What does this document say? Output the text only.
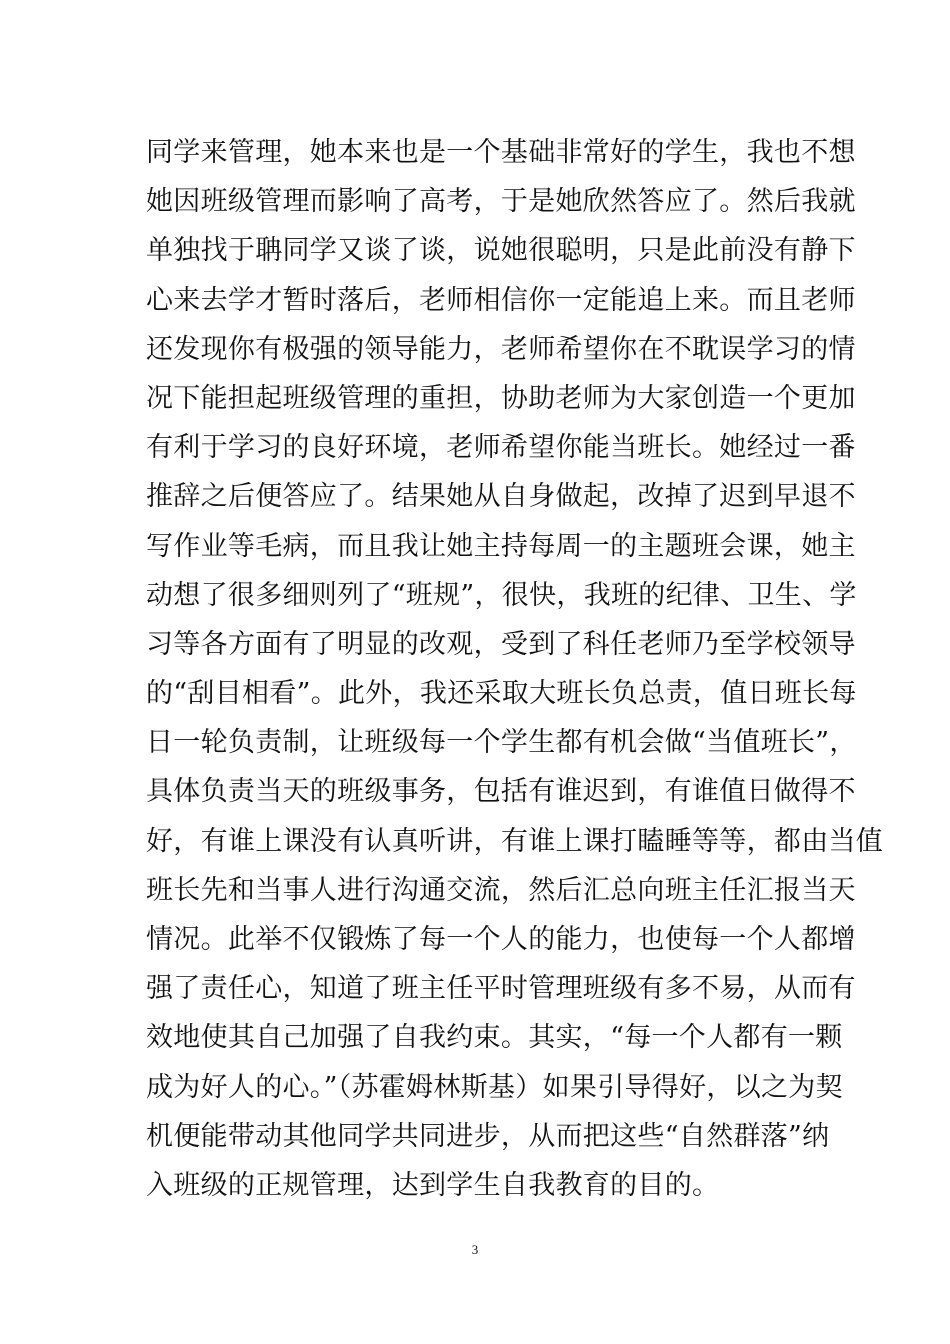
同学来管理，她本来也是一个基础非常好的学生，我也不想
她因班级管理而影响了高考，于是她欣然答应了。然后我就
单独找于聃同学又谈了谈，说她很聪明，只是此前没有静下
心来去学才暂时落后，老师相信你一定能追上来。而且老师
还发现你有极强的领导能力，老师希望你在不耽误学习的情
况下能担起班级管理的重担，协助老师为大家创造一个更加
有利于学习的良好环境，老师希望你能当班长。她经过一番
推辞之后便答应了。结果她从自身做起，改掉了迟到早退不
写作业等毛病，而且我让她主持每周一的主题班会课，她主
动想了很多细则列了“班规”，很快，我班的纪律、卫生、学
习等各方面有了明显的改观，受到了科任老师乃至学校领导
的“刮目相看”。此外，我还采取大班长负总责，值日班长每
日一轮负责制，让班级每一个学生都有机会做“当值班长”，
具体负责当天的班级事务，包括有谁迟到，有谁值日做得不
好，有谁上课没有认真听讲，有谁上课打瞌睡等等，都由当值
班长先和当事人进行沟通交流，然后汇总向班主任汇报当天
情况。此举不仅锻炼了每一个人的能力，也使每一个人都增
强了责任心，知道了班主任平时管理班级有多不易，从而有
效地使其自己加强了自我约束。其实，“每一个人都有一颗
成为好人的心。”（苏霍姆林斯基）如果引导得好，以之为契
机便能带动其他同学共同进步，从而把这些“自然群落”纳
入班级的正规管理，达到学生自我教育的目的。
3
